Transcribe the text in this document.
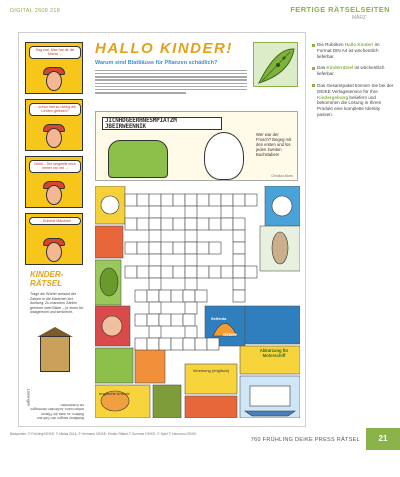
DIGITAL 2608 218	FERTIGE RÄTSELSEITEN
MÄRZ
Sag mal, Max hat dir die Mama ...
... schon mal so richtig die Leviten gelesen?
Nööö – Die langweilt mich immer nur mit ...
... Grimms Märchen!
HALLO KINDER!
Warum sind Blattläuse für Pflanzen schädlich?
JICNHDGEERHNESMPIATZM JBEIRWEENNIK
Wer war der Frosch? Begeg mit den ersten und los jeden zweiten Buchstaben!
Christian Alicek
Seifenla
Ostsee
Abkürzung für Motorschiff
Vereinung (englisch)
englische Anrede
KINDER-
RÄTSEL
Trage die Wörter anhand der Zahlen in die Kästchen ein! Achtung: Zu manchen Zahlen gehören zwei Bilder – je einen für waagerecht und senkrecht.
Blattläuse saugen den Saft aus Blättern, so dass die Pflanze welken kann. Außerdem übertragen sie Krankheiten.
Lösungen
Die Rubriken Hallo Kinder! im Format DIN A4 ist wöchentlich lieferbar.
Das Kinderrätsel ist wöchentlich lieferbar.
Das Gesamtpaket können Sie bei der DEIKE Verlagsservice für Ihre Kindergebung beliefern und bekommen die Lösung in Ihrem Produkt eine komplette Identity passen.
Bildquellen: © Frühling/DEIKE; © Niklas 2014; © Hermann DEIKE; Kinder-Rätsel © Sommer DEIKE; © Spiel © Hermann DEIKE
760 FRÜHLING DEIKE PRESS RÄTSEL	21
